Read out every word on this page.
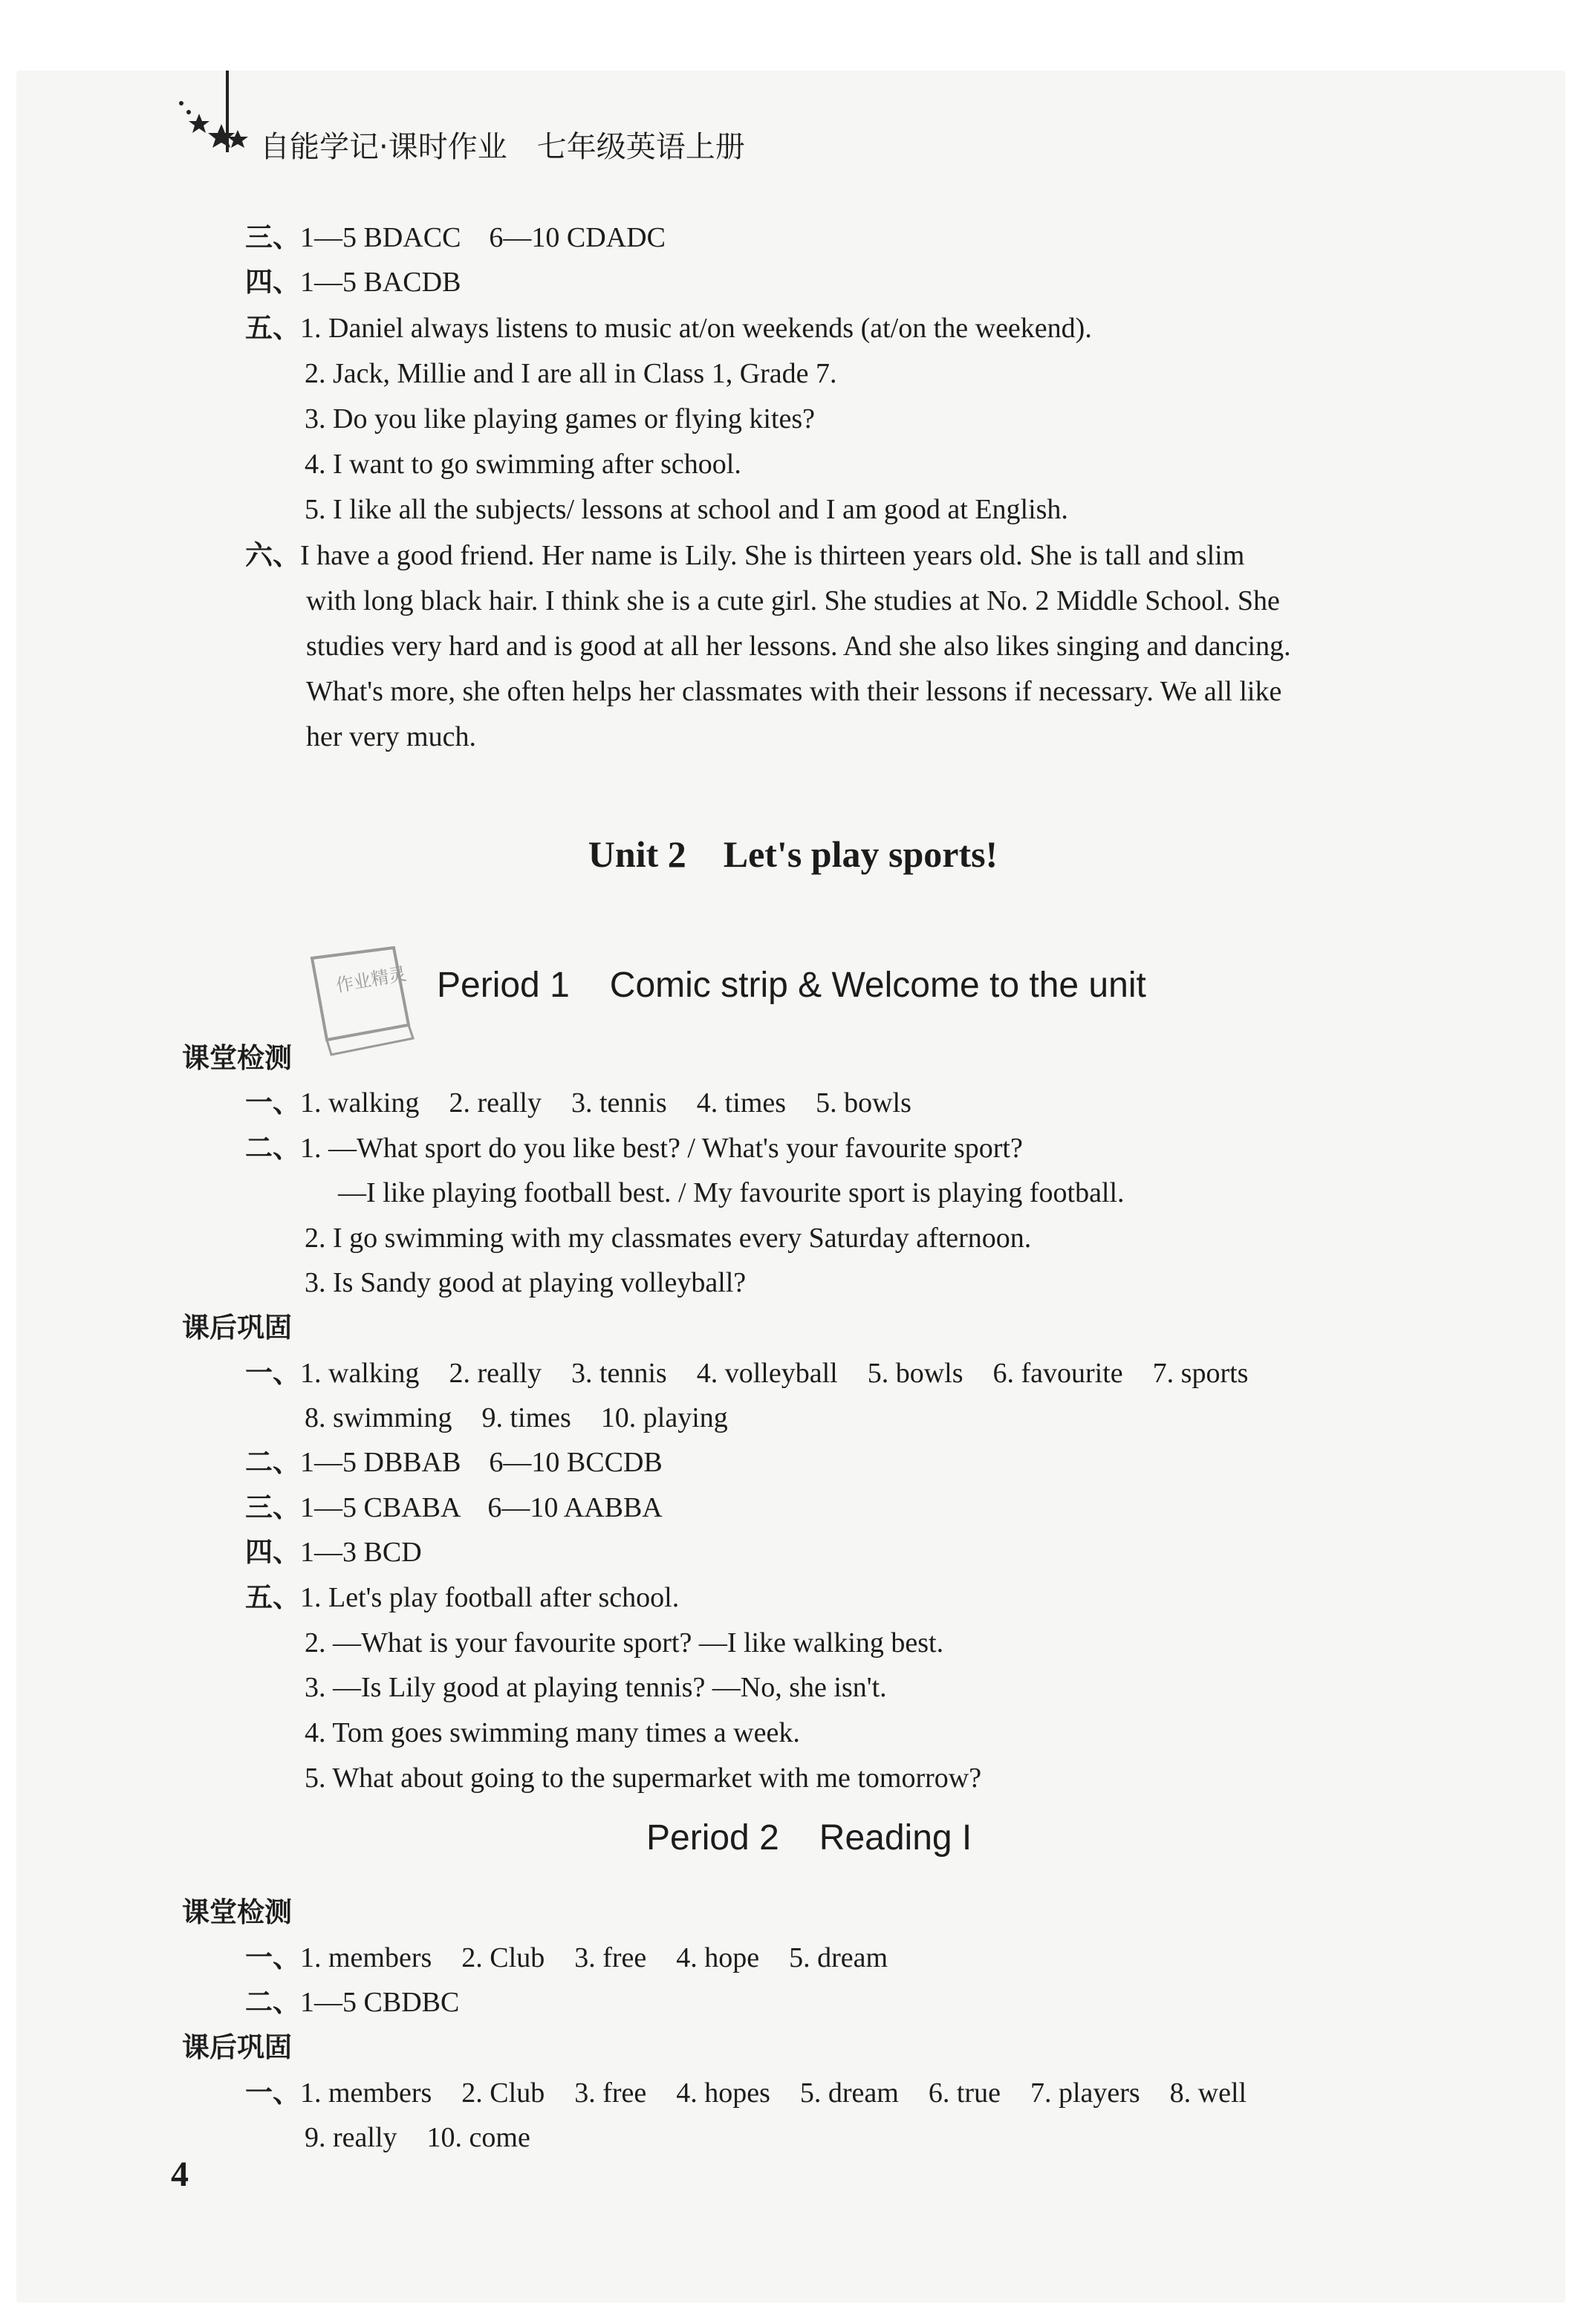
自能学记·课时作业　七年级英语上册
三、1—5 BDACC　6—10 CDADC
四、1—5 BACDB
五、1. Daniel always listens to music at/on weekends (at/on the weekend).
2. Jack, Millie and I are all in Class 1, Grade 7.
3. Do you like playing games or flying kites?
4. I want to go swimming after school.
5. I like all the subjects/ lessons at school and I am good at English.
六、I have a good friend. Her name is Lily. She is thirteen years old. She is tall and slim
with long black hair. I think she is a cute girl. She studies at No. 2 Middle School. She
studies very hard and is good at all her lessons. And she also likes singing and dancing.
What's more, she often helps her classmates with their lessons if necessary. We all like
her very much.
Unit 2　Let's play sports!
作业精灵 Period 1 Comic strip & Welcome to the unit
课堂检测
一、1. walking 2. really 3. tennis 4. times 5. bowls
二、1. —What sport do you like best? / What's your favourite sport?
—I like playing football best. / My favourite sport is playing football.
2. I go swimming with my classmates every Saturday afternoon.
3. Is Sandy good at playing volleyball?
课后巩固
一、1. walking 2. really 3. tennis 4. volleyball 5. bowls 6. favourite 7. sports
8. swimming 9. times 10. playing
二、1—5 DBBAB　6—10 BCCDB
三、1—5 CBABA　6—10 AABBA
四、1—3 BCD
五、1. Let's play football after school.
2. —What is your favourite sport? —I like walking best.
3. —Is Lily good at playing tennis? —No, she isn't.
4. Tom goes swimming many times a week.
5. What about going to the supermarket with me tomorrow?
Period 2 Reading I
课堂检测
一、1. members 2. Club 3. free 4. hope 5. dream
二、1—5 CBDBC
课后巩固
一、1. members 2. Club 3. free 4. hopes 5. dream 6. true 7. players 8. well
9. really 10. come
4
